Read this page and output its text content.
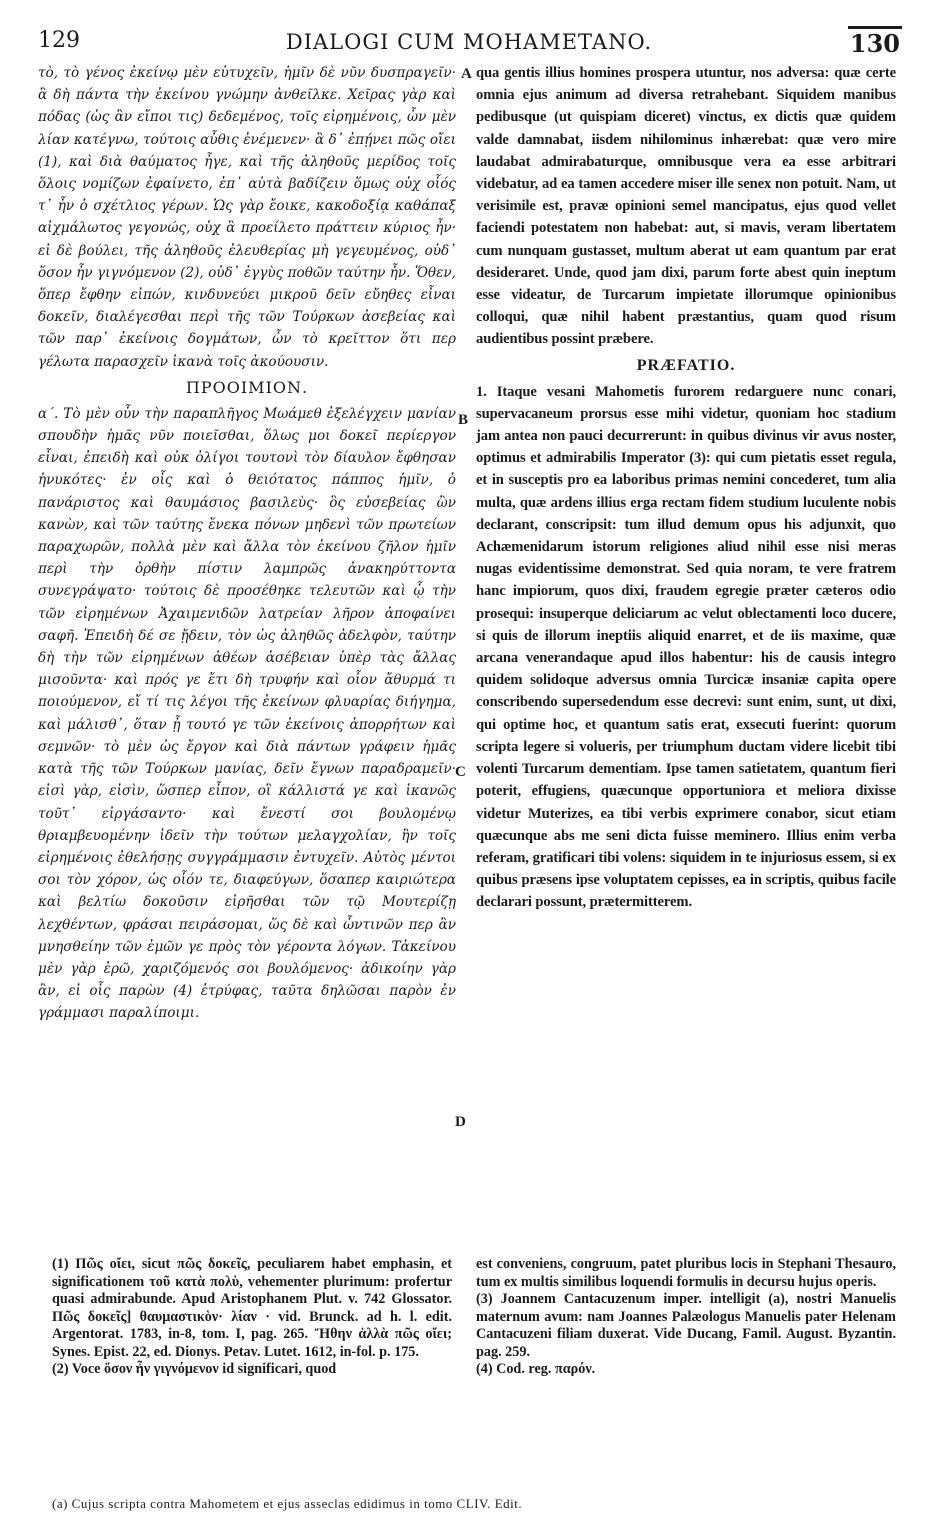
129	DIALOGI CUM MOHAMETANO.	130

τὸ, τὸ γένος ἐκείνῳ μὲν εὐτυχεῖν, ἡμῖν δὲ νῦν δυσπραγεῖν· ἃ δὴ πάντα τὴν ἐκείνου γνώμην ἀνθεῖλκε. Χεῖρας γὰρ καὶ πόδας (ὡς ἂν εἴποι τις) δεδεμένος, τοῖς εἰρημένοις, ὧν μὲν λίαν κατέγνω, τούτοις αὖθις ἐνέμενεν· ἃ δ᾽ ἐπῄνει πῶς οἴει (1), καὶ διὰ θαύματος ἦγε, καὶ τῆς ἀληθοῦς μερίδος τοῖς ὅλοις νομίζων ἐφαίνετο, ἐπ᾽ αὐτὰ βαδίζειν ὅμως οὐχ οἷός τ᾽ ἦν ὁ σχέτλιος γέρων. Ὡς γὰρ ἔοικε, κακοδοξίᾳ καθάπαξ αἰχμάλωτος γεγονώς, οὐχ ἃ προείλετο πράττειν κύριος ἦν· εἰ δὲ βούλει, τῆς ἀληθοῦς ἐλευθερίας μὴ γεγευμένος, οὐδ᾽ ὅσον ἦν γιγνόμενον (2), οὐδ᾽ ἐγγὺς ποθῶν ταύτην ἦν. Ὅθεν, ὅπερ ἔφθην εἰπών, κινδυνεύει μικροῦ δεῖν εὔηθες εἶναι δοκεῖν, διαλέγεσθαι περὶ τῆς τῶν Τούρκων ἀσεβείας καὶ τῶν παρ᾽ ἐκείνοις δογμάτων, ὧν τὸ κρεῖττον ὅτι περ γέλωτα παρασχεῖν ἱκανὰ τοῖς ἀκούουσιν.

ΠΡΟΟΙΜΙΟΝ.

α΄. Τὸ μὲν οὖν τὴν παραπλῆγος Μωάμεθ ἐξελέγχειν μανίαν σπουδὴν ἡμᾶς νῦν ποιεῖσθαι, ὅλως μοι δοκεῖ περίεργον εἶναι, ἐπειδὴ καὶ οὐκ ὀλίγοι τουτονὶ τὸν δίαυλον ἔφθησαν ἠνυκότες· ἐν οἷς καὶ ὁ θειότατος πάππος ἡμῖν, ὁ πανάριστος καὶ θαυμάσιος βασιλεὺς· ὃς εὐσεβείας ὢν κανὼν, καὶ τῶν ταύτης ἕνεκα πόνων μηδενὶ τῶν πρωτείων παραχωρῶν, πολλὰ μὲν καὶ ἄλλα τὸν ἐκείνου ζῆλον ἡμῖν περὶ τὴν ὀρθὴν πίστιν λαμπρῶς ἀνακηρύττοντα συνεγράψατο· τούτοις δὲ προσέθηκε τελευτῶν καὶ ᾧ τὴν τῶν εἰρημένων Ἀχαιμενιδῶν λατρείαν λῆρον ἀποφαίνει σαφῆ. Ἐπειδὴ δέ σε ᾔδειν, τὸν ὡς ἀληθῶς ἀδελφὸν, ταύτην δὴ τὴν τῶν εἰρημένων ἀθέων ἀσέβειαν ὑπὲρ τὰς ἄλλας μισοῦντα· καὶ πρός γε ἔτι δὴ τρυφήν καὶ οἷον ἄθυρμά τι ποιούμενον, εἴ τί τις λέγοι τῆς ἐκείνων φλυαρίας διήγημα, καὶ μάλισθ᾽, ὅταν ᾖ τουτό γε τῶν ἐκείνοις ἀπορρήτων καὶ σεμνῶν· τὸ μὲν ὡς ἔργον καὶ διὰ πάντων γράφειν ἡμᾶς κατὰ τῆς τῶν Τούρκων μανίας, δεῖν ἔγνων παραδραμεῖν· εἰσὶ γὰρ, εἰσὶν, ὥσπερ εἶπον, οἳ κάλλιστά γε καὶ ἱκανῶς τοῦτ᾽ εἰργάσαντο· καὶ ἔνεστί σοι βουλομένῳ θριαμβευομένην ἰδεῖν τὴν τούτων μελαγχολίαν, ἢν τοῖς εἰρημένοις ἐθελήσῃς συγγράμμασιν ἐντυχεῖν. Αὐτὸς μέντοι σοι τὸν χόρον, ὡς οἷόν τε, διαφεύγων, ὅσαπερ καιριώτερα καὶ βελτίω δοκοῦσιν εἰρῆσθαι τῶν τῷ Μουτερίζῃ λεχθέντων, φράσαι πειράσομαι, ὥς δὲ καὶ ὧντινῶν περ ἂν μνησθείην τῶν ἐμῶν γε πρὸς τὸν γέροντα λόγων. Τἀκείνου μὲν γὰρ ἐρῶ, χαριζόμενός σοι βουλόμενος· ἀδικοίην γὰρ ἂν, εἰ οἷς παρὼν (4) ἐτρύφας, ταῦτα δηλῶσαι παρὸν ἐν γράμμασι παραλίποιμι.

A
B
C
D

qua gentis illius homines prospera utuntur, nos adversa: quæ certe omnia ejus animum ad diversa retrahebant. Siquidem manibus pedibusque (ut quispiam diceret) vinctus, ex dictis quæ quidem valde damnabat, iisdem nihilominus inhærebat: quæ vero mire laudabat admirabaturque, omnibusque vera ea esse arbitrari videbatur, ad ea tamen accedere miser ille senex non potuit. Nam, ut verisimile est, pravæ opinioni semel mancipatus, ejus quod vellet faciendi potestatem non habebat: aut, si mavis, veram libertatem cum nunquam gustasset, multum aberat ut eam quantum par erat desideraret. Unde, quod jam dixi, parum forte abest quin ineptum esse videatur, de Turcarum impietate illorumque opinionibus colloqui, quæ nihil habent præstantius, quam quod risum audientibus possint præbere.

PRÆFATIO.

1. Itaque vesani Mahometis furorem redarguere nunc conari, supervacaneum prorsus esse mihi videtur, quoniam hoc stadium jam antea non pauci decurrerunt: in quibus divinus vir avus noster, optimus et admirabilis Imperator (3): qui cum pietatis esset regula, et in susceptis pro ea laboribus primas nemini concederet, tum alia multa, quæ ardens illius erga rectam fidem studium luculente nobis declarant, conscripsit: tum illud demum opus his adjunxit, quo Achæmenidarum istorum religiones aliud nihil esse nisi meras nugas evidentissime demonstrat. Sed quia noram, te vere fratrem hanc impiorum, quos dixi, fraudem egregie præter cæteros odio prosequi: insuperque deliciarum ac velut oblectamenti loco ducere, si quis de illorum ineptiis aliquid enarret, et de iis maxime, quæ arcana venerandaque apud illos habentur: his de causis integro quidem solidoque adversus omnia Turcicæ insaniæ capita opere conscribendo supersedendum esse decrevi: sunt enim, sunt, ut dixi, qui optime hoc, et quantum satis erat, exsecuti fuerint: quorum scripta legere si volueris, per triumphum ductam videre licebit tibi volenti Turcarum dementiam. Ipse tamen satietatem, quantum fieri poterit, effugiens, quæcunque opportuniora et meliora dixisse videtur Muterizes, ea tibi verbis exprimere conabor, sicut etiam quæcunque abs me seni dicta fuisse meminero. Illius enim verba referam, gratificari tibi volens: siquidem in te injuriosus essem, si ex quibus præsens ipse voluptatem cepisses, ea in scriptis, quibus facile declarari possunt, prætermitterem.

(1) Πῶς οἴει, sicut πῶς δοκεῖς, peculiarem habet emphasin, et significationem τοῦ κατὰ πολὺ, vehementer plurimum: profertur quasi admirabunde. Apud Aristophanem Plut. v. 742 Glossator. Πῶς δοκεῖς] θαυμαστικὸν· λίαν · vid. Brunck. ad h. l. edit. Argentorat. 1783, in-8, tom. I, pag. 265. Ἤθην ἀλλὰ πῶς οἴει; Synes. Epist. 22, ed. Dionys. Petav. Lutet. 1612, in-fol. p. 175.

(2) Voce ὅσον ἦν γιγνόμενον id significari, quod

est conveniens, congruum, patet pluribus locis in Stephani Thesauro, tum ex multis similibus loquendi formulis in decursu hujus operis.

(3) Joannem Cantacuzenum imper. intelligit (a), nostri Manuelis maternum avum: nam Joannes Palæologus Manuelis pater Helenam Cantacuzeni filiam duxerat. Vide Ducang, Famil. August. Byzantin. pag. 259.

(4) Cod. reg. παρόν.

(a) Cujus scripta contra Mahometem et ejus asseclas edidimus in tomo CLIV. Edit.
